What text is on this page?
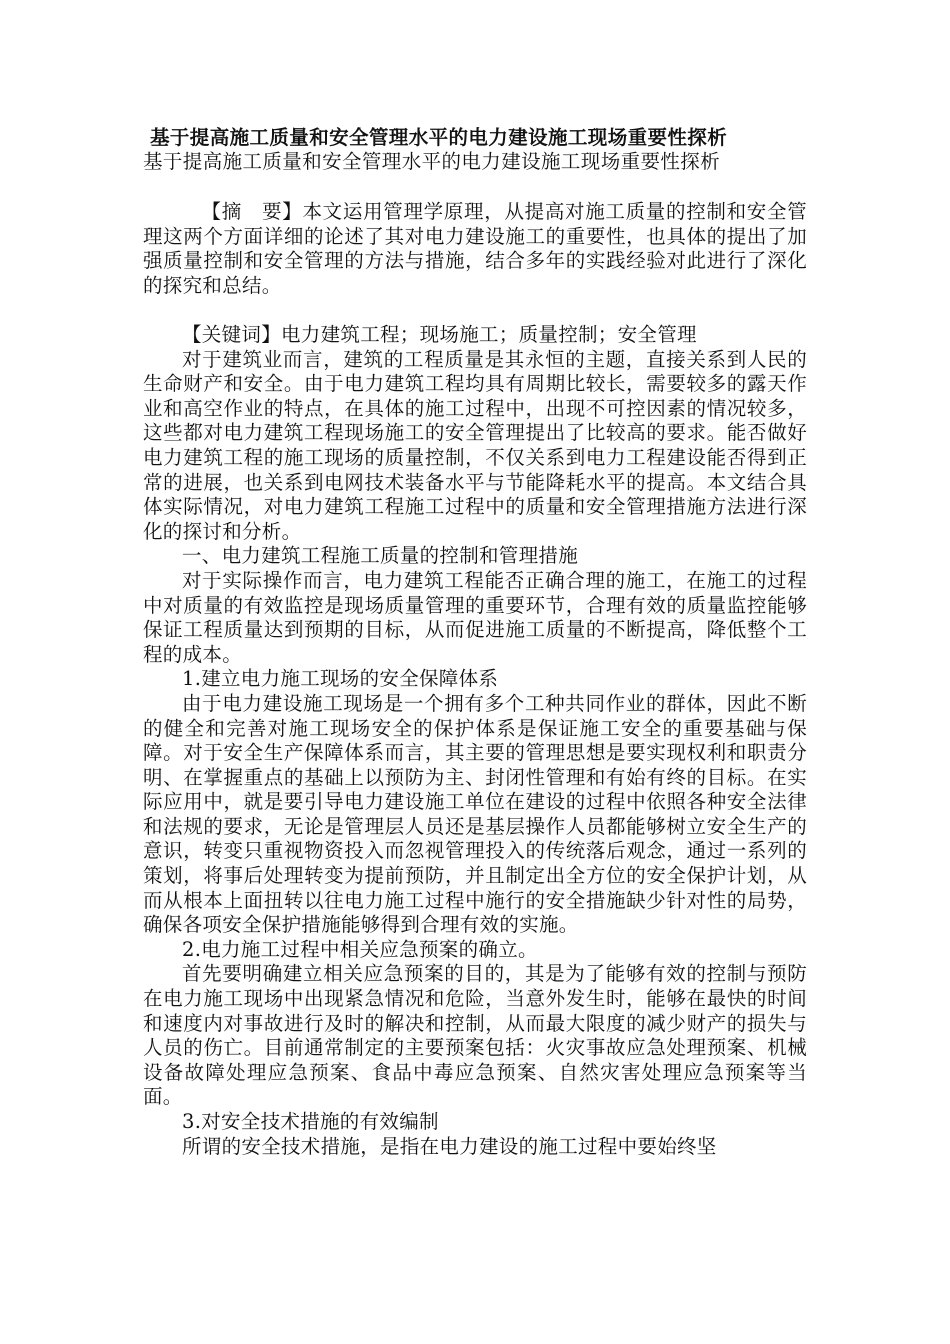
基于提高施工质量和安全管理水平的电力建设施工现场重要性探析
基于提高施工质量和安全管理水平的电力建设施工现场重要性探析

【摘　要】本文运用管理学原理，从提高对施工质量的控制和安全管理这两个方面详细的论述了其对电力建设施工的重要性，也具体的提出了加强质量控制和安全管理的方法与措施，结合多年的实践经验对此进行了深化的探究和总结。

【关键词】电力建筑工程；现场施工；质量控制；安全管理

对于建筑业而言，建筑的工程质量是其永恒的主题，直接关系到人民的生命财产和安全。由于电力建筑工程均具有周期比较长，需要较多的露天作业和高空作业的特点，在具体的施工过程中，出现不可控因素的情况较多，这些都对电力建筑工程现场施工的安全管理提出了比较高的要求。能否做好电力建筑工程的施工现场的质量控制，不仅关系到电力工程建设能否得到正常的进展，也关系到电网技术装备水平与节能降耗水平的提高。本文结合具体实际情况，对电力建筑工程施工过程中的质量和安全管理措施方法进行深化的探讨和分析。

一、电力建筑工程施工质量的控制和管理措施

对于实际操作而言，电力建筑工程能否正确合理的施工，在施工的过程中对质量的有效监控是现场质量管理的重要环节，合理有效的质量监控能够保证工程质量达到预期的目标，从而促进施工质量的不断提高，降低整个工程的成本。

1.建立电力施工现场的安全保障体系

由于电力建设施工现场是一个拥有多个工种共同作业的群体，因此不断的健全和完善对施工现场安全的保护体系是保证施工安全的重要基础与保障。对于安全生产保障体系而言，其主要的管理思想是要实现权利和职责分明、在掌握重点的基础上以预防为主、封闭性管理和有始有终的目标。在实际应用中，就是要引导电力建设施工单位在建设的过程中依照各种安全法律和法规的要求，无论是管理层人员还是基层操作人员都能够树立安全生产的意识，转变只重视物资投入而忽视管理投入的传统落后观念，通过一系列的策划，将事后处理转变为提前预防，并且制定出全方位的安全保护计划，从而从根本上面扭转以往电力施工过程中施行的安全措施缺少针对性的局势，确保各项安全保护措施能够得到合理有效的实施。

2.电力施工过程中相关应急预案的确立。

首先要明确建立相关应急预案的目的，其是为了能够有效的控制与预防在电力施工现场中出现紧急情况和危险，当意外发生时，能够在最快的时间和速度内对事故进行及时的解决和控制，从而最大限度的减少财产的损失与人员的伤亡。目前通常制定的主要预案包括：火灾事故应急处理预案、机械设备故障处理应急预案、食品中毒应急预案、自然灾害处理应急预案等当面。

3.对安全技术措施的有效编制

所谓的安全技术措施，是指在电力建设的施工过程中要始终坚
